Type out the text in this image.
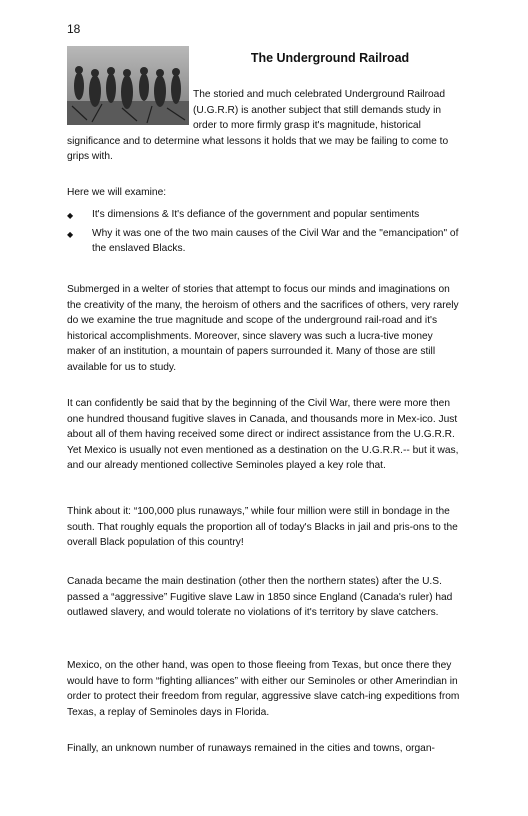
18
The Underground Railroad

The storied and much celebrated Underground Railroad (U.G.R.R) is another subject that still demands study in order to more firmly grasp it's magnitude, historical significance and to determine what lessons it holds that we may be failing to come to grips with.

Here we will examine:
◆	It's dimensions & It's defiance of the government and popular sentiments
◆	Why it was one of the two main causes of the Civil War and the "emancipation" of the enslaved Blacks.
Submerged in a welter of stories that attempt to focus our minds and imaginations on the creativity of the many, the heroism of others and the sacrifices of others, very rarely do we examine the true magnitude and scope of the underground rail-road and it's historical accomplishments. Moreover, since slavery was such a lucra-tive money maker of an institution, a mountain of papers surrounded it. Many of those are still available for us to study.
It can confidently be said that by the beginning of the Civil War, there were more then one hundred thousand fugitive slaves in Canada, and thousands more in Mex-ico. Just about all of them having received some direct or indirect assistance from the U.G.R.R. Yet Mexico is usually not even mentioned as a destination on the U.G.R.R.-- but it was, and our already mentioned collective Seminoles played a key role that.
Think about it: “100,000 plus runaways,” while four million were still in bondage in the south. That roughly equals the proportion all of today's Blacks in jail and pris-ons to the overall Black population of this country!
Canada became the main destination (other then the northern states) after the U.S. passed a “aggressive” Fugitive slave Law in 1850 since England (Canada's ruler) had outlawed slavery, and would tolerate no violations of it's territory by slave catchers.
Mexico, on the other hand, was open to those fleeing from Texas, but once there they would have to form “fighting alliances” with either our Seminoles or other Amerindian in order to protect their freedom from regular, aggressive slave catch-ing expeditions from Texas, a replay of Seminoles days in Florida.
Finally, an unknown number of runaways remained in the cities and towns, organ-
